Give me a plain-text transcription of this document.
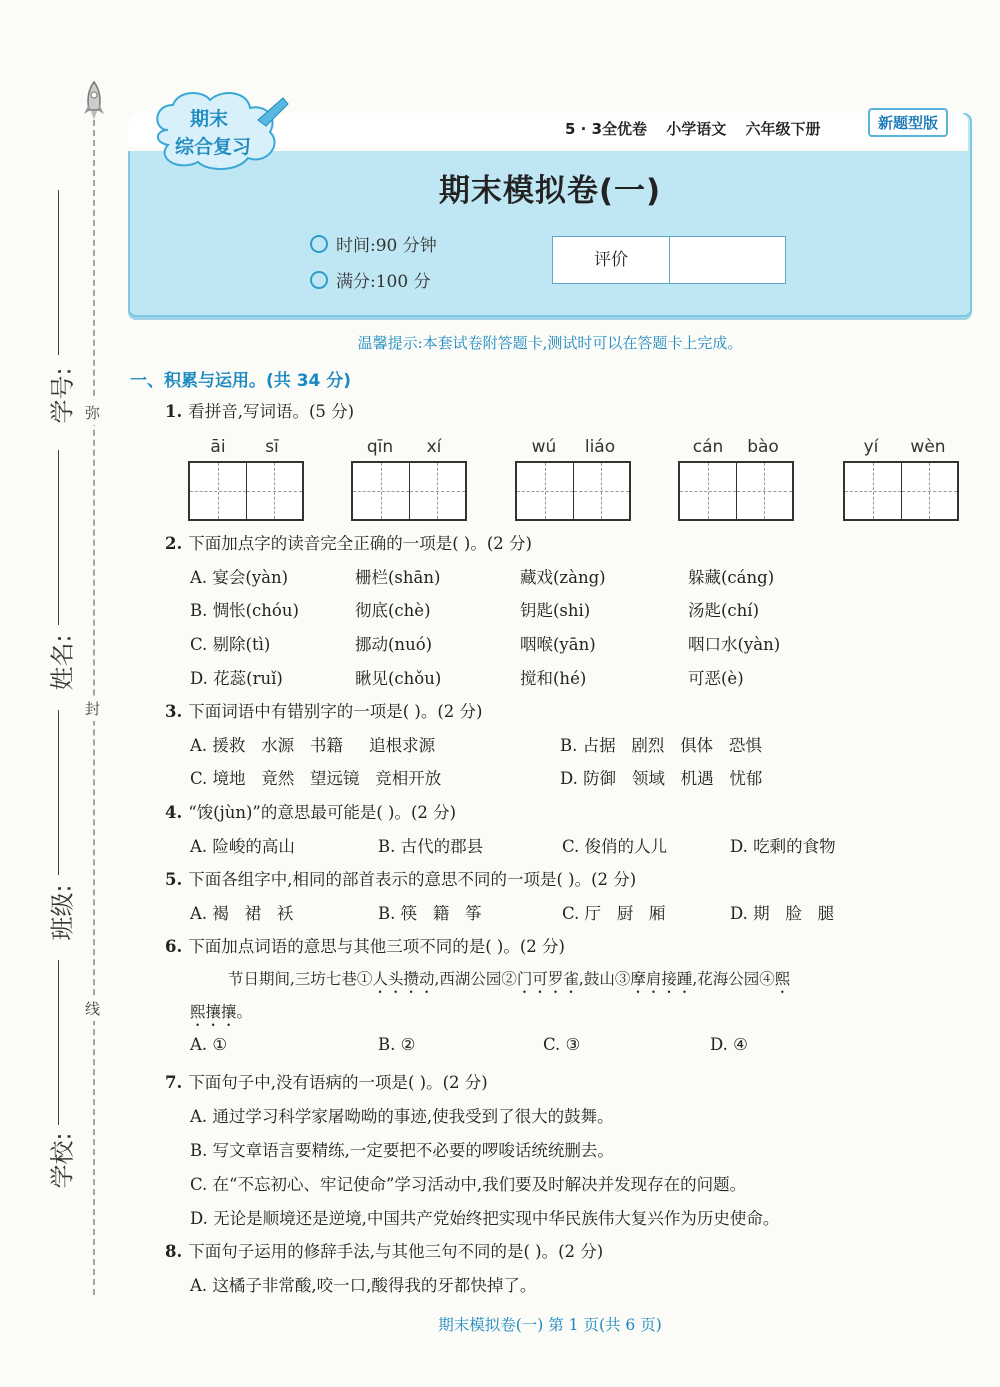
学号:
姓名:
班级:
学校:
弥
封
线
期末
综合复习
5 · 3全优卷 小学语文 六年级下册	新题型版
期末模拟卷(一)
时间:90 分钟
满分:100 分
评价
温馨提示:本套试卷附答题卡,测试时可以在答题卡上完成。
一、积累与运用。(共 34 分)
1. 看拼音,写词语。(5 分)
āi	sī	qīn	xí	wú	liáo	cán	bào	yí	wèn
2. 下面加点字的读音完全正确的一项是( )。(2 分)
A. 宴会(yàn)	栅栏(shān)	藏戏(zàng)	躲藏(cáng)
B. 惆怅(chóu)	彻底(chè)	钥匙(shi)	汤匙(chí)
C. 剔除(tì)	挪动(nuó)	咽喉(yān)	咽口水(yàn)
D. 花蕊(ruǐ)	瞅见(chǒu)	搅和(hé)	可恶(è)
3. 下面词语中有错别字的一项是( )。(2 分)
A. 援救   水源   书籍     追根求源	B. 占据   剧烈   俱体   恐惧
C. 境地   竟然   望远镜   竞相开放	D. 防御   领域   机遇   忧郁
4. “馂(jùn)”的意思最可能是( )。(2 分)
A. 险峻的高山	B. 古代的郡县	C. 俊俏的人儿	D. 吃剩的食物
5. 下面各组字中,相同的部首表示的意思不同的一项是( )。(2 分)
A. 褐   裙   袄	B. 筷   籍   筝	C. 厅   厨   厢	D. 期   脸   腿
6. 下面加点词语的意思与其他三项不同的是( )。(2 分)
节日期间,三坊七巷①人头攒动,西湖公园②门可罗雀,鼓山③摩肩接踵,花海公园④熙
熙攘攘。
A. ①	B. ②	C. ③	D. ④
7. 下面句子中,没有语病的一项是( )。(2 分)
A. 通过学习科学家屠呦呦的事迹,使我受到了很大的鼓舞。
B. 写文章语言要精练,一定要把不必要的啰唆话统统删去。
C. 在“不忘初心、牢记使命”学习活动中,我们要及时解决并发现存在的问题。
D. 无论是顺境还是逆境,中国共产党始终把实现中华民族伟大复兴作为历史使命。
8. 下面句子运用的修辞手法,与其他三句不同的是( )。(2 分)
A. 这橘子非常酸,咬一口,酸得我的牙都快掉了。
期末模拟卷(一) 第 1 页(共 6 页)
